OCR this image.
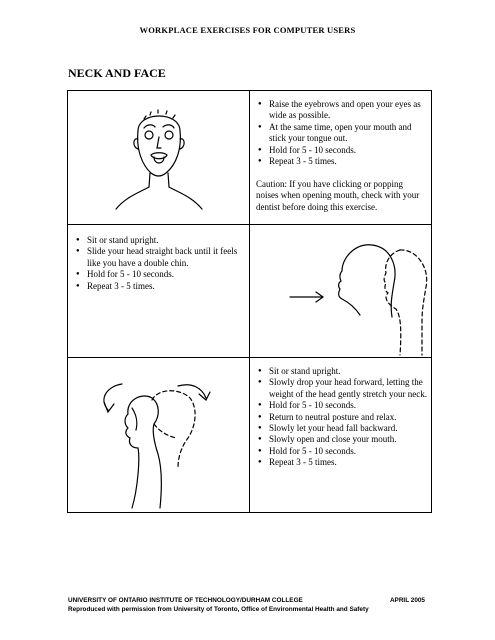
WORKPLACE EXERCISES FOR COMPUTER USERS
NECK AND FACE
● Raise the eyebrows and open your eyes as wide as possible.
● At the same time, open your mouth and stick your tongue out.
● Hold for 5 - 10 seconds.
● Repeat 3 - 5 times.
Caution: If you have clicking or popping noises when opening mouth, check with your dentist before doing this exercise.
● Sit or stand upright.
● Slide your head straight back until it feels like you have a double chin.
● Hold for 5 - 10 seconds.
● Repeat 3 - 5 times.
● Sit or stand upright.
● Slowly drop your head forward, letting the weight of the head gently stretch your neck.
● Hold for 5 - 10 seconds.
● Return to neutral posture and relax.
● Slowly let your head fall backward.
● Slowly open and close your mouth.
● Hold for 5 - 10 seconds.
● Repeat 3 - 5 times.
UNIVERSITY OF ONTARIO INSTITUTE OF TECHNOLOGY/DURHAM COLLEGE
Reproduced with permission from University of Toronto, Office of Environmental Health and Safety
APRIL 2005
